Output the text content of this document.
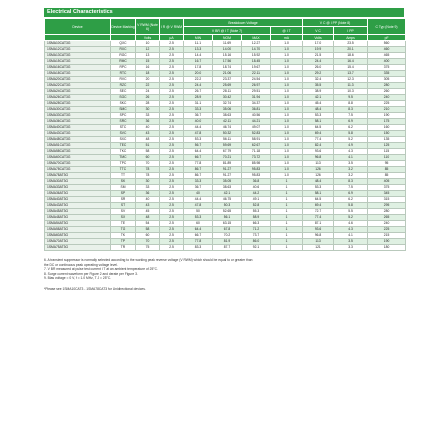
Electrical Characteristics
Device	Device Marking	V RWM (Note 6)	I R @ V RWM	Breakdown Voltage				V C @ I PP (Note 8)		C Typ (Note 9)
				V BR @ I T (Note 7)			@ I T	V C	I PP	
		Volts	μA	MIN	NOM	MAX	mA	Volts	Amps	pF
1SMA10CAT3G	QXC	10	2.5	11.1	11.69	12.27	1.0	17.0	23.5	560
1SMA12CAT3G	RXC	12	2.5	13.3	14.00	14.70	1.0	19.9	20.1	460
1SMA13CAT3G	RGC	13	2.5	14.4	15.16	15.92	1.0	21.5	18.6	465
1SMA15CAT3G	RMC	15	2.5	16.7	17.56	18.45	1.0	24.4	16.4	400
1SMA16CAT3G	RPC	16	2.5	17.8	18.74	19.67	1.0	26.0	15.4	375
1SMA18CAT3G	RTC	18	2.5	20.0	21.06	22.11	1.0	29.2	13.7	335
1SMA20CAT3G	RVC	20	2.5	22.2	23.37	24.54	1.0	32.4	12.3	305
1SMA22CAT3G	RZC	22	2.5	24.4	25.69	26.97	1.0	35.5	11.3	280
1SMA24CAT3G	SEC	24	2.5	26.7	28.11	29.51	1.0	38.9	10.3	260
1SMA26CAT3G	SGC	26	2.5	28.9	30.42	31.94	1.0	42.1	9.5	240
1SMA28CAT3G	SKC	28	2.5	31.1	32.74	34.37	1.0	45.4	8.8	225
1SMA30CAT3G	SMC	30	2.5	33.3	35.06	36.81	1.0	48.4	8.3	210
1SMA33CAT3G	SPC	33	2.5	36.7	38.63	40.56	1.0	53.3	7.5	190
1SMA36CAT3G	SRC	36	2.5	40.0	42.11	44.21	1.0	58.1	6.9	175
1SMA40CAT3G	STC	40	2.5	44.4	46.74	49.07	1.0	64.5	6.2	160
1SMA43CAT3G	SVC	43	2.5	47.8	50.32	52.83	1.0	69.4	5.8	150
1SMA48CAT3G	SXC	48	2.5	53.3	56.11	58.91	1.0	77.4	5.2	135
1SMA51CAT3G	TEC	51	2.5	56.7	59.69	62.67	1.0	82.4	4.9	125
1SMA58CAT3G	TKC	58	2.5	64.4	67.79	71.18	1.0	93.6	4.3	115
1SMA60CAT3G	TMC	60	2.5	66.7	70.21	73.72	1.0	96.8	4.1	110
1SMA70CAT3G	TPC	70	2.5	77.8	81.89	85.98	1.0	113	3.5	95
1SMA78CAT3G	TTC	78	2.5	86.7	91.27	95.83	1.0	126	3.2	85
1SMA78AT3G	TT	78	2.5	86.7	91.27	95.83	1.0	126	3.2	85
1SMA30AT3G	SK	30	2.5	33.3	35.05	36.8	1	48.4	8.3	405
1SMA33AT3G	SM	33	2.5	36.7	38.63	40.6	1	53.3	7.5	375
1SMA36AT3G	SP	36	2.5	40	42.1	44.2	1	58.1	6.9	345
1SMA40AT3G	SR	40	2.5	44.4	46.75	49.1	1	64.5	6.2	315
1SMA43AT3G	ST	43	2.5	47.8	50.3	52.8	1	69.4	5.8	295
1SMA45AT3G	SV	45	2.5	50	52.65	55.3	1	72.7	5.5	280
1SMA48AT3G	SX	48	2.5	53.3	56.1	58.9	1	77.4	5.2	265
1SMA54AT3G	TE	54	2.5	60	63.15	66.3	1	87.1	4.6	240
1SMA58AT3G	TG	58	2.5	64.4	67.8	71.2	1	93.6	4.3	225
1SMA60AT3G	TK	60	2.5	66.7	70.2	73.7	1	96.8	4.1	215
1SMA70AT3G	TP	70	2.5	77.8	81.9	86.0	1	113	3.5	190
1SMA75AT3G	TR	75	2.5	83.3	87.7	92.1	1	121	3.3	180
6. A transient suppressor is normally selected according to the working peak reverse voltage (V RWM) which should be equal to or greater than
the DC or continuous peak operating voltage level.
7. V BR measured at pulse test current I T at an ambient temperature of 25°C.
8. Surge current waveform per Figure 2 and derate per Figure 3.
9. Bias voltage = 0 V, f = 1.0 MHz, T J = 25°C.
*Please see 1SMA10CAT3 - 1SMA78CAT3 for Unidirectional devices.
